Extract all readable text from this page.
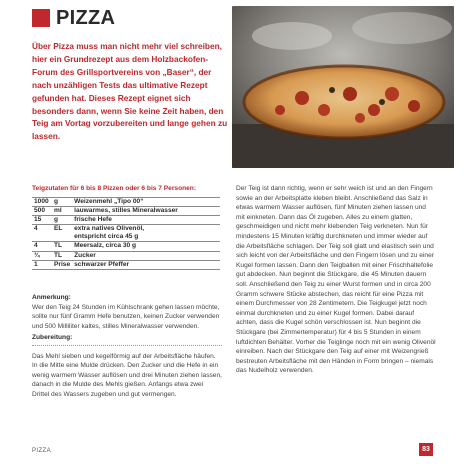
PIZZA

Über Pizza muss man nicht mehr viel schreiben, hier ein Grundrezept aus dem Holzbackofen-Forum des Grillsportvereins von „Baser“, der nach unzähligen Tests das ultimative Rezept gefunden hat. Dieses Rezept eignet sich besonders dann, wenn Sie keine Zeit haben, den Teig am Vortag vorzubereiten und lange gehen zu lassen.

Teigzutaten für 6 bis 8 Pizzen oder 6 bis 7 Personen:

1000	g	Weizenmehl „Tipo 00“
500	ml	lauwarmes, stilles Mineralwasser
15	g	frische Hefe
4	EL	extra natives Olivenöl,
entspricht circa 45 g

4	TL	Meersalz, circa 30 g
¾	TL	Zucker
1	Prise	schwarzer Pfeffer

Anmerkung:

Wer den Teig 24 Stunden im Kühlschrank gehen lassen möchte, sollte nur fünf Gramm Hefe benutzen, keinen Zucker verwenden und 500 Milliliter kaltes, stilles Mineralwasser verwenden.

Zubereitung:

Das Mehl sieben und kegelförmig auf der Arbeitsfläche häufen. In die Mitte eine Mulde drücken. Den Zucker und die Hefe in ein wenig warmem Wasser auflösen und drei Minuten ziehen lassen, danach in die Mulde des Mehls gießen. Anfangs etwa zwei Drittel des Wassers zugeben und gut vermengen.

Der Teig ist dann richtig, wenn er sehr weich ist und an den Fingern sowie an der Arbeitsplatte kleben bleibt. Anschließend das Salz in etwas warmem Wasser auflösen, fünf Minuten ziehen lassen und mit einkneten. Dann das Öl zugeben. Alles zu einem glatten, geschmeidigen und nicht mehr klebenden Teig verkneten. Nun für mindestens 15 Minuten kräftig durchkneten und immer wieder auf die Arbeitsfläche schlagen. Der Teig soll glatt und elastisch sein und sich leicht von der Arbeitsfläche und den Fingern lösen und zu einer Kugel formen lassen. Dann den Teigballen mit einer Frischhaltefolie gut abdecken. Nun beginnt die Stückgare, die 45 Minuten dauern soll. Anschließend den Teig zu einer Wurst formen und in circa 200 Gramm schwere Stücke abstechen, das reicht für eine Pizza mit einem Durchmesser von 28 Zentimetern. Die Teigkugel jetzt noch einmal durchkneten und zu einer Kugel formen. Dabei darauf achten, dass die Kugel schön verschlossen ist. Nun beginnt die Stückgare (bei Zimmertemperatur) für 4 bis 5 Stunden in einem luftdichten Behälter. Vorher die Teiglinge noch mit ein wenig Olivenöl einreiben. Nach der Stückgare den Teig auf einer mit Weizengrieß bestreuten Arbeitsfläche mit den Händen in Form bringen – niemals das Nudelholz verwenden.

PIZZA	83
